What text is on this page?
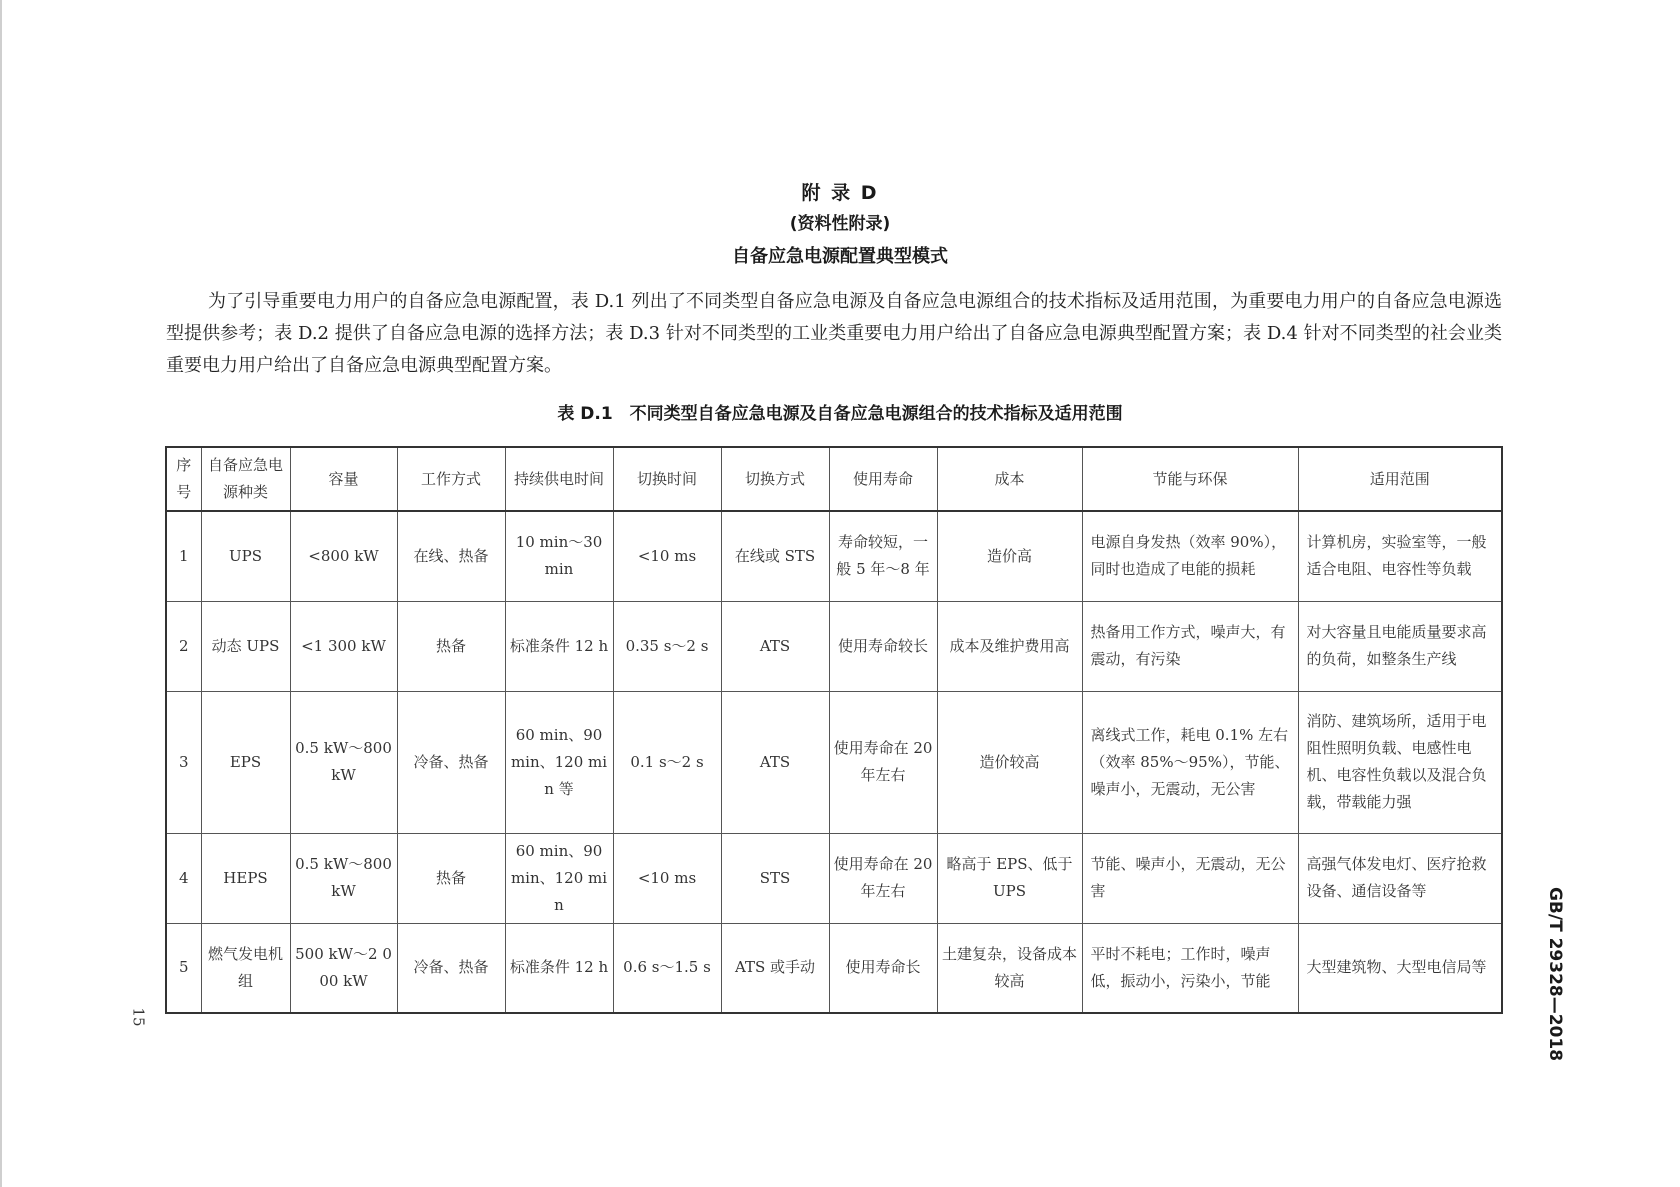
附 录 D
(资料性附录)
自备应急电源配置典型模式

为了引导重要电力用户的自备应急电源配置，表 D.1 列出了不同类型自备应急电源及自备应急电源组合的技术指标及适用范围，为重要电力用户的自备应急电源选型提供参考；表 D.2 提供了自备应急电源的选择方法；表 D.3 针对不同类型的工业类重要电力用户给出了自备应急电源典型配置方案；表 D.4 针对不同类型的社会业类重要电力用户给出了自备应急电源典型配置方案。

表 D.1　不同类型自备应急电源及自备应急电源组合的技术指标及适用范围
序号	自备应急电源种类	容量	工作方式	持续供电时间	切换时间	切换方式	使用寿命	成本	节能与环保	适用范围
1	UPS	<800 kW	在线、热备	10 min～30 min	<10 ms	在线或 STS	寿命较短，一般 5 年～8 年	造价高	电源自身发热（效率 90%），同时也造成了电能的损耗	计算机房，实验室等，一般适合电阻、电容性等负载
2	动态 UPS	<1 300 kW	热备	标准条件 12 h	0.35 s～2 s	ATS	使用寿命较长	成本及维护费用高	热备用工作方式，噪声大，有震动，有污染	对大容量且电能质量要求高的负荷，如整条生产线
3	EPS	0.5 kW～800 kW	冷备、热备	60 min、90 min、120 min 等	0.1 s～2 s	ATS	使用寿命在 20 年左右	造价较高	离线式工作，耗电 0.1% 左右（效率 85%～95%），节能、噪声小，无震动，无公害	消防、建筑场所，适用于电阻性照明负载、电感性电机、电容性负载以及混合负载，带载能力强
4	HEPS	0.5 kW～800 kW	热备	60 min、90 min、120 min	<10 ms	STS	使用寿命在 20 年左右	略高于 EPS、低于 UPS	节能、噪声小，无震动，无公害	高强气体发电灯、医疗抢救设备、通信设备等
5	燃气发电机组	500 kW～2 000 kW	冷备、热备	标准条件 12 h	0.6 s～1.5 s	ATS 或手动	使用寿命长	土建复杂，设备成本较高	平时不耗电；工作时，噪声低，振动小，污染小，节能	大型建筑物、大型电信局等
15	GB/T 29328—2018
